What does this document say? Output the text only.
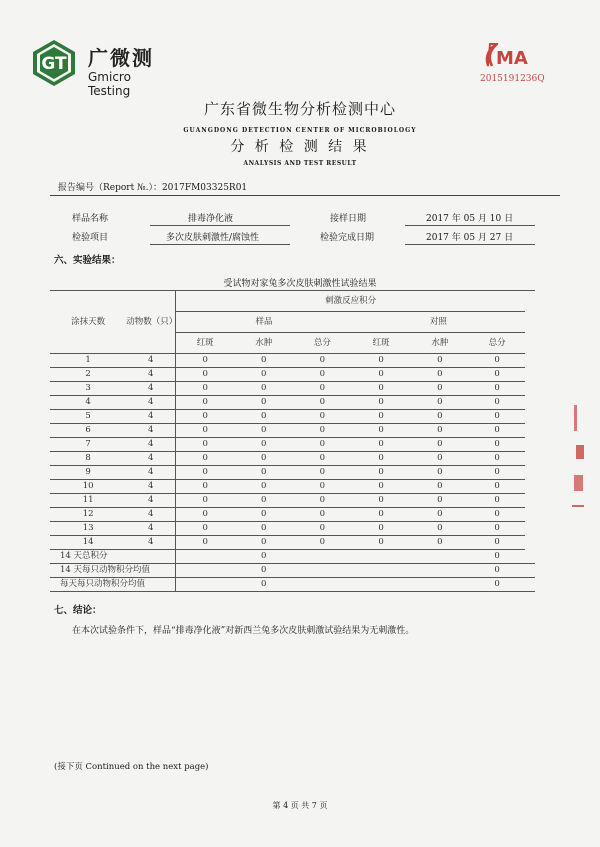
GT 广微测
Gmicro Testing
MA
2015191236Q
广东省微生物分析检测中心
GUANGDONG DETECTION CENTER OF MICROBIOLOGY
分 析 检 测 结 果
ANALYSIS AND TEST RESULT
报告编号（Report №.）：2017FM03325R01
样品名称	排毒净化液	接样日期	2017 年 05 月 10 日
检验项目	多次皮肤刺激性/腐蚀性	检验完成日期	2017 年 05 月 27 日
六、实验结果：
受试物对家兔多次皮肤刺激性试验结果
涂抹天数	动物数（只）	刺激反应积分						
		样品			对照			
		红斑	水肿	总分	红斑	水肿	总分	
1	4	0	0	0	0	0	0	
2	4	0	0	0	0	0	0	
3	4	0	0	0	0	0	0	
4	4	0	0	0	0	0	0	
5	4	0	0	0	0	0	0	
6	4	0	0	0	0	0	0	
7	4	0	0	0	0	0	0	
8	4	0	0	0	0	0	0	
9	4	0	0	0	0	0	0	
10	4	0	0	0	0	0	0	
11	4	0	0	0	0	0	0	
12	4	0	0	0	0	0	0	
13	4	0	0	0	0	0	0	
14	4	0	0	0	0	0	0	
14 天总积分			0				0	
14 天每只动物积分均值			0				0	
每天每只动物积分均值			0				0	
七、结论：
在本次试验条件下，样品“排毒净化液”对新西兰兔多次皮肤刺激试验结果为无刺激性。
(接下页 Continued on the next page)
第 4 页 共 7 页
